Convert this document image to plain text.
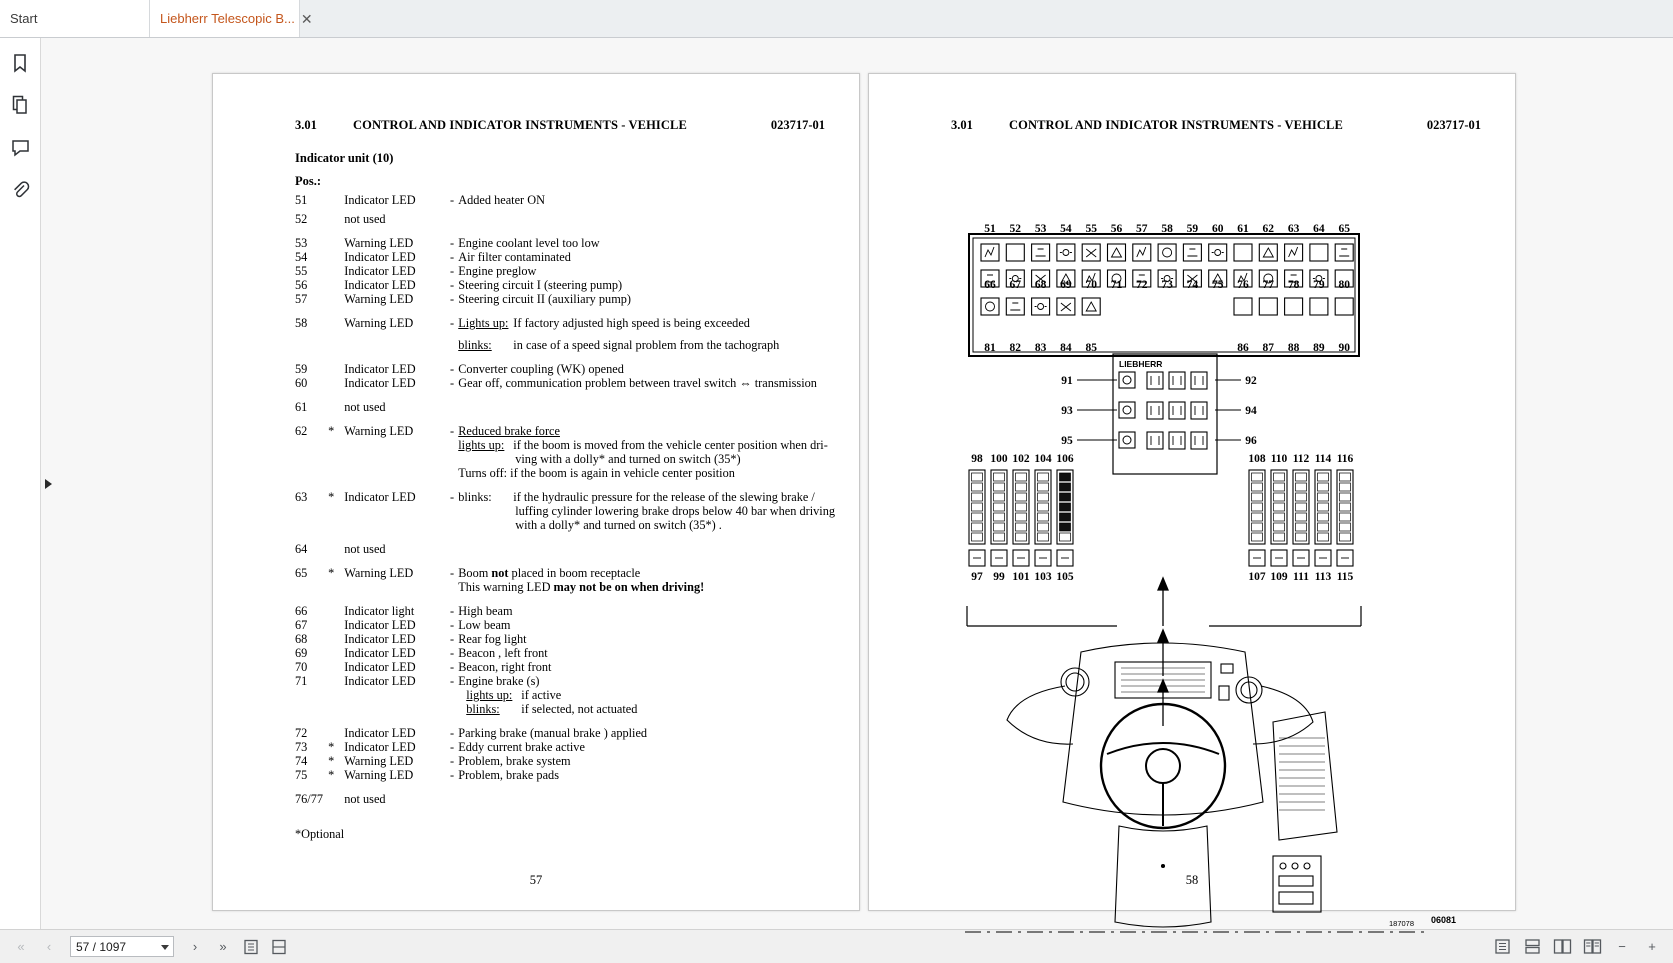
Start	Liebherr Telescopic B... ✕
3.01	CONTROL AND INDICATOR INSTRUMENTS - VEHICLE	023717-01
Indicator unit (10)
Pos.:
51		Indicator LED	-	Added heater ON

52		not used		

53		Warning LED	-	Engine coolant level too low

54		Indicator LED	-	Air filter contaminated

55		Indicator LED	-	Engine preglow

56		Indicator LED	-	Steering circuit I (steering pump)

57		Warning LED	-	Steering circuit II (auxiliary pump)

58		Warning LED	-	Lights up: If factory adjusted high speed is being exceeded
blinks: in case of a speed signal problem from the tachograph

59		Indicator LED	-	Converter coupling (WK) opened

60		Indicator LED	-	Gear off, communication problem between travel switch ⇔ transmission

61		not used		

62	*	Warning LED	-	Reduced brake force
lights up: if the boom is moved from the vehicle center position when dri-
ving with a dolly* and turned on switch (35*)
Turns off: if the boom is again in vehicle center position

63	*	Indicator LED	-	blinks: if the hydraulic pressure for the release of the slewing brake /
luffing cylinder lowering brake drops below 40 bar when driving
with a dolly* and turned on switch (35*) .

64		not used		

65	*	Warning LED	-	Boom not placed in boom receptacle
This warning LED may not be on when driving!

66		Indicator light	-	High beam

67		Indicator LED	-	Low beam

68		Indicator LED	-	Rear fog light

69		Indicator LED	-	Beacon , left front

70		Indicator LED	-	Beacon, right front

71		Indicator LED	-	Engine brake (s)
lights up: if active
blinks: if selected, not actuated

72		Indicator LED	-	Parking brake (manual brake ) applied

73	*	Indicator LED	-	Eddy current brake active

74	*	Warning LED	-	Problem, brake system

75	*	Warning LED	-	Problem, brake pads

76/77		not used		
*Optional
57
3.01	CONTROL AND INDICATOR INSTRUMENTS - VEHICLE	023717-01
51 52 53 54 55 56 57 58 59 60 61 62 63 64 65
66 67 68 69 70 71 72 73 74 75 76 77 78 79 80
81 82 83 84 85	86 87 88 89 90
LIEBHERR
91	92
93	94
95	96
98
97
100
99
102
101
104
103
106
105
108
107
110
109
112
111
114
113
116
115
187078 06081
58
«	‹	57 / 1097	›	»	−	+
